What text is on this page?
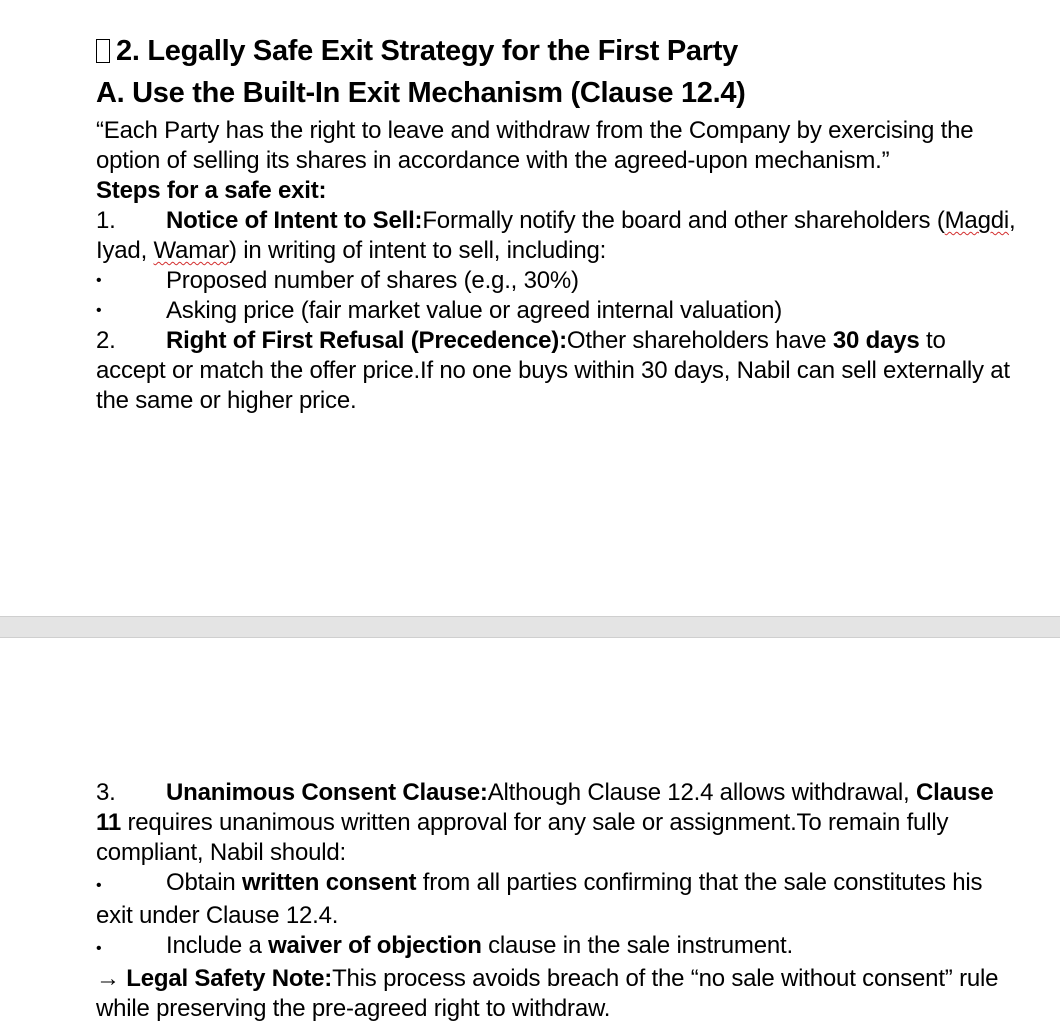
2. Legally Safe Exit Strategy for the First Party
A. Use the Built-In Exit Mechanism (Clause 12.4)

“Each Party has the right to leave and withdraw from the Company by exercising the option of selling its shares in accordance with the agreed-upon mechanism.”

Steps for a safe exit:

1. Notice of Intent to Sell:Formally notify the board and other shareholders (Magdi, Iyad, Wamar) in writing of intent to sell, including:

•	Proposed number of shares (e.g., 30%)

•	Asking price (fair market value or agreed internal valuation)

2. Right of First Refusal (Precedence):Other shareholders have 30 days to accept or match the offer price.If no one buys within 30 days, Nabil can sell externally at the same or higher price.

3. Unanimous Consent Clause:Although Clause 12.4 allows withdrawal, Clause 11 requires unanimous written approval for any sale or assignment.To remain fully compliant, Nabil should:

•	Obtain written consent from all parties confirming that the sale constitutes his exit under Clause 12.4.

•	Include a waiver of objection clause in the sale instrument.

→ Legal Safety Note:This process avoids breach of the “no sale without consent” rule while preserving the pre-agreed right to withdraw.
